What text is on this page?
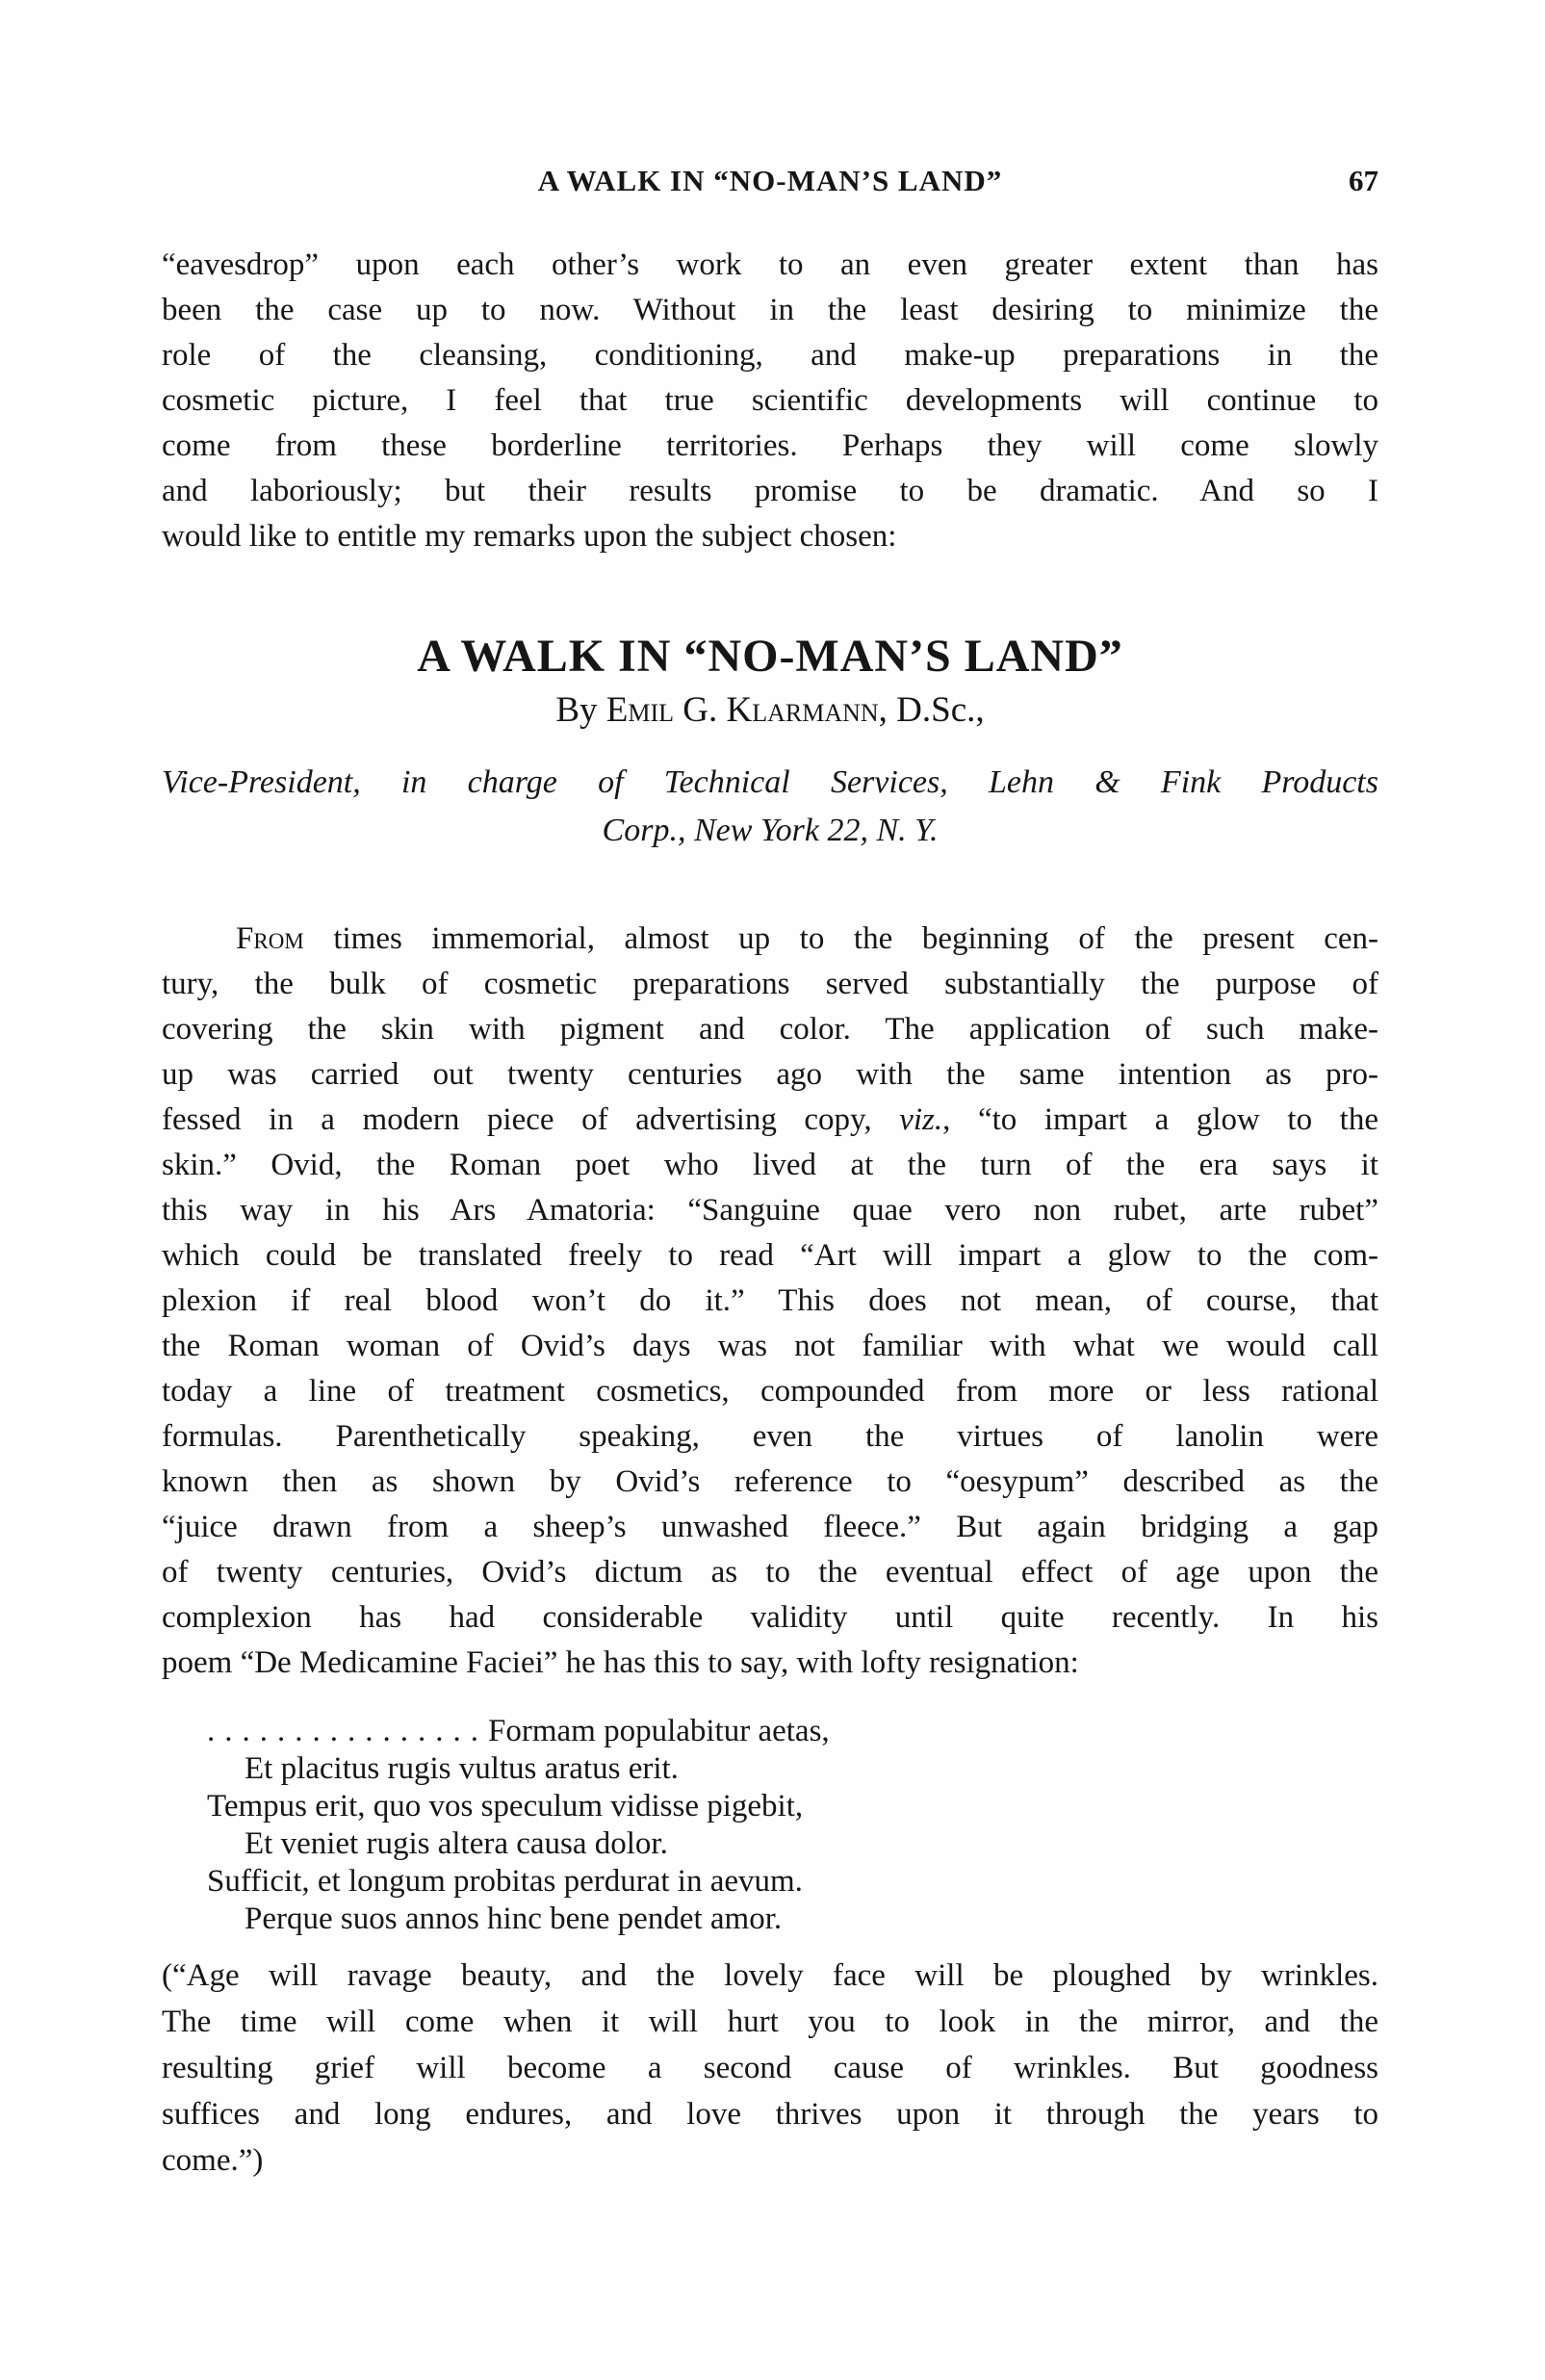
A WALK IN “NO-MAN’S LAND”	67
“eavesdrop” upon each other’s work to an even greater extent than has
been the case up to now. Without in the least desiring to minimize the
role of the cleansing, conditioning, and make-up preparations in the
cosmetic picture, I feel that true scientific developments will continue to
come from these borderline territories. Perhaps they will come slowly
and laboriously; but their results promise to be dramatic. And so I
would like to entitle my remarks upon the subject chosen:
A WALK IN “NO-MAN’S LAND”
By Emil G. Klarmann, D.Sc.,
Vice-President, in charge of Technical Services, Lehn & Fink Products
Corp., New York 22, N. Y.
From times immemorial, almost up to the beginning of the present cen-
tury, the bulk of cosmetic preparations served substantially the purpose of
covering the skin with pigment and color. The application of such make-
up was carried out twenty centuries ago with the same intention as pro-
fessed in a modern piece of advertising copy, viz., “to impart a glow to the
skin.” Ovid, the Roman poet who lived at the turn of the era says it
this way in his Ars Amatoria: “Sanguine quae vero non rubet, arte rubet”
which could be translated freely to read “Art will impart a glow to the com-
plexion if real blood won’t do it.” This does not mean, of course, that
the Roman woman of Ovid’s days was not familiar with what we would call
today a line of treatment cosmetics, compounded from more or less rational
formulas. Parenthetically speaking, even the virtues of lanolin were
known then as shown by Ovid’s reference to “oesypum” described as the
“juice drawn from a sheep’s unwashed fleece.” But again bridging a gap
of twenty centuries, Ovid’s dictum as to the eventual effect of age upon the
complexion has had considerable validity until quite recently. In his
poem “De Medicamine Faciei” he has this to say, with lofty resignation:
................Formam populabitur aetas,
Et placitus rugis vultus aratus erit.
Tempus erit, quo vos speculum vidisse pigebit,
Et veniet rugis altera causa dolor.
Sufficit, et longum probitas perdurat in aevum.
Perque suos annos hinc bene pendet amor.
(“Age will ravage beauty, and the lovely face will be ploughed by wrinkles.
The time will come when it will hurt you to look in the mirror, and the
resulting grief will become a second cause of wrinkles. But goodness
suffices and long endures, and love thrives upon it through the years to
come.”)
